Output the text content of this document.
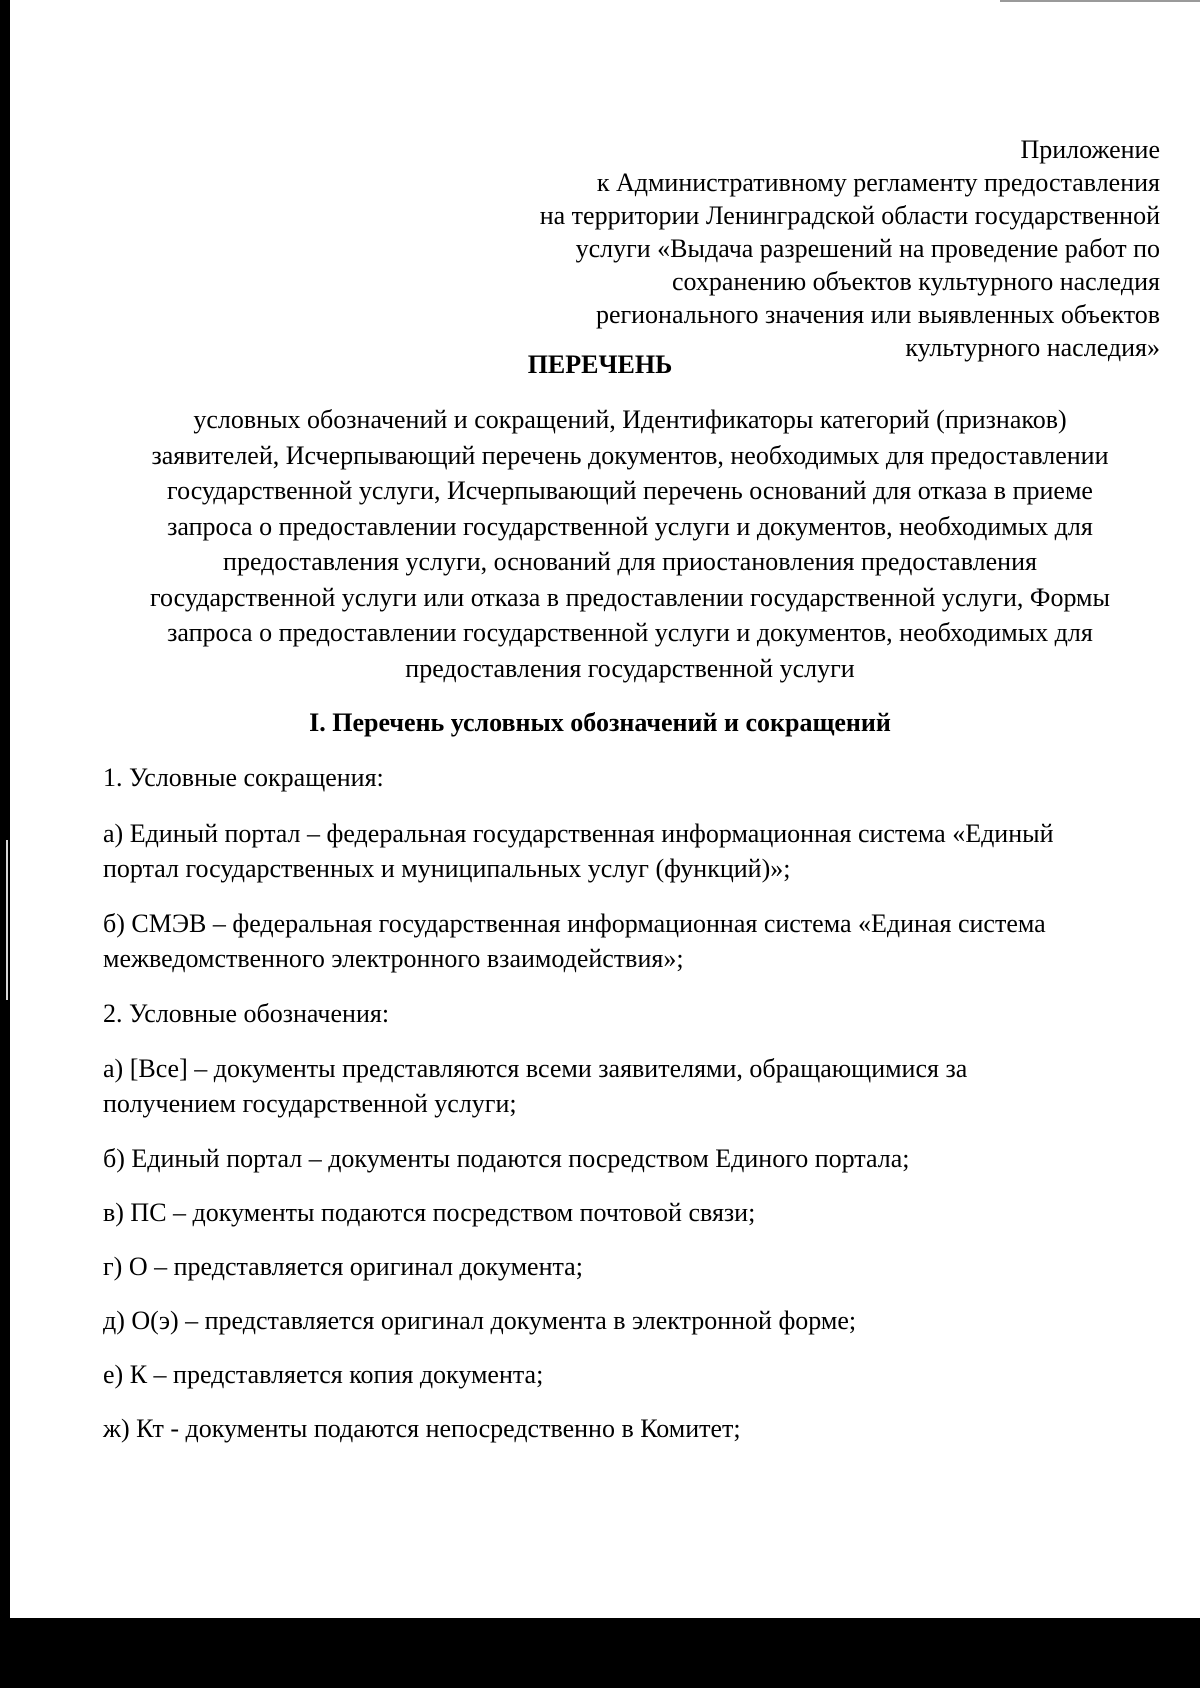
Приложение
к Административному регламенту предоставления
на территории Ленинградской области государственной
услуги «Выдача разрешений на проведение работ по
сохранению объектов культурного наследия
регионального значения или выявленных объектов
культурного наследия»
ПЕРЕЧЕНЬ
условных обозначений и сокращений, Идентификаторы категорий (признаков)
заявителей, Исчерпывающий перечень документов, необходимых для предоставлении
государственной услуги, Исчерпывающий перечень оснований для отказа в приеме
запроса о предоставлении государственной услуги и документов, необходимых для
предоставления услуги, оснований для приостановления предоставления
государственной услуги или отказа в предоставлении государственной услуги, Формы
запроса о предоставлении государственной услуги и документов, необходимых для
предоставления государственной услуги
I. Перечень условных обозначений и сокращений

1. Условные сокращения:

а) Единый портал – федеральная государственная информационная система «Единый
портал государственных и муниципальных услуг (функций)»;

б) СМЭВ – федеральная государственная информационная система «Единая система
межведомственного электронного взаимодействия»;

2. Условные обозначения:

а) [Все] – документы представляются всеми заявителями, обращающимися за
получением государственной услуги;

б) Единый портал – документы подаются посредством Единого портала;

в) ПС – документы подаются посредством почтовой связи;

г) О – представляется оригинал документа;

д) О(э) – представляется оригинал документа в электронной форме;

е) К – представляется копия документа;

ж) Кт - документы подаются непосредственно в Комитет;
